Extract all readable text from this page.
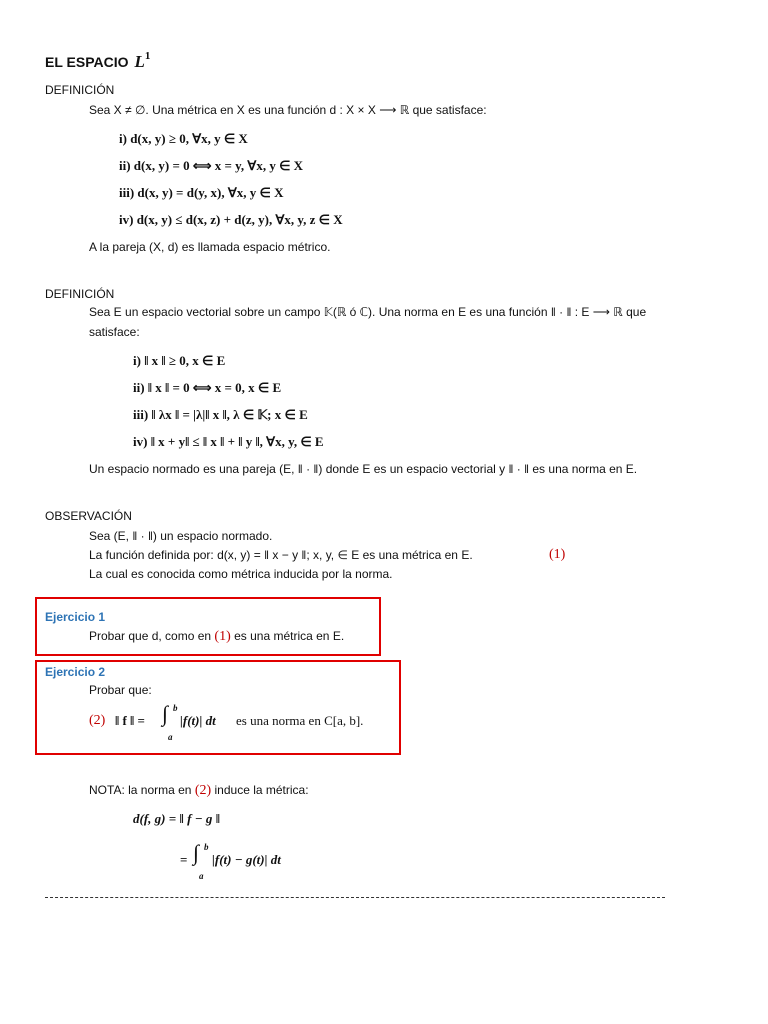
EL ESPACIO $L^1$
DEFINICIÓN
Sea X ≠ ∅. Una métrica en X es una función d : X × X ⟶ ℝ que satisface:
i) d(x, y) ≥ 0, ∀x, y ∈ X
ii) d(x, y) = 0 ⟺ x = y, ∀x, y ∈ X
iii) d(x, y) = d(y, x), ∀x, y ∈ X
iv) d(x, y) ≤ d(x, z) + d(z, y), ∀x, y, z ∈ X
A la pareja (X, d) es llamada espacio métrico.
DEFINICIÓN
Sea E un espacio vectorial sobre un campo 𝕂(ℝ ó ℂ). Una norma en E es una función ‖ · ‖ : E ⟶ ℝ que
satisface:
i) ‖ x ‖ ≥ 0, x ∈ E
ii) ‖ x ‖ = 0 ⟺ x = 0, x ∈ E
iii) ‖ λx ‖ = |λ|‖ x ‖, λ ∈ 𝕂; x ∈ E
iv) ‖ x + y‖ ≤ ‖ x ‖ + ‖ y ‖, ∀x, y, ∈ E
Un espacio normado es una pareja (E, ‖ · ‖) donde E es un espacio vectorial y ‖ · ‖ es una norma en E.
OBSERVACIÓN
Sea (E, ‖ · ‖) un espacio normado.
La función definida por: d(x, y) = ‖ x − y ‖; x, y, ∈ E es una métrica en E.	(1)
La cual es conocida como métrica inducida por la norma.
Ejercicio 1
Probar que d, como en (1) es una métrica en E.
Ejercicio 2
Probar que:
(2) ‖ f ‖ = ∫ b
a
|f(t)| dt es una norma en C[a, b].
NOTA: la norma en (2) induce la métrica:
d(f, g) = ‖ f − g ‖
= ∫ b
a
|f(t) − g(t)| dt
